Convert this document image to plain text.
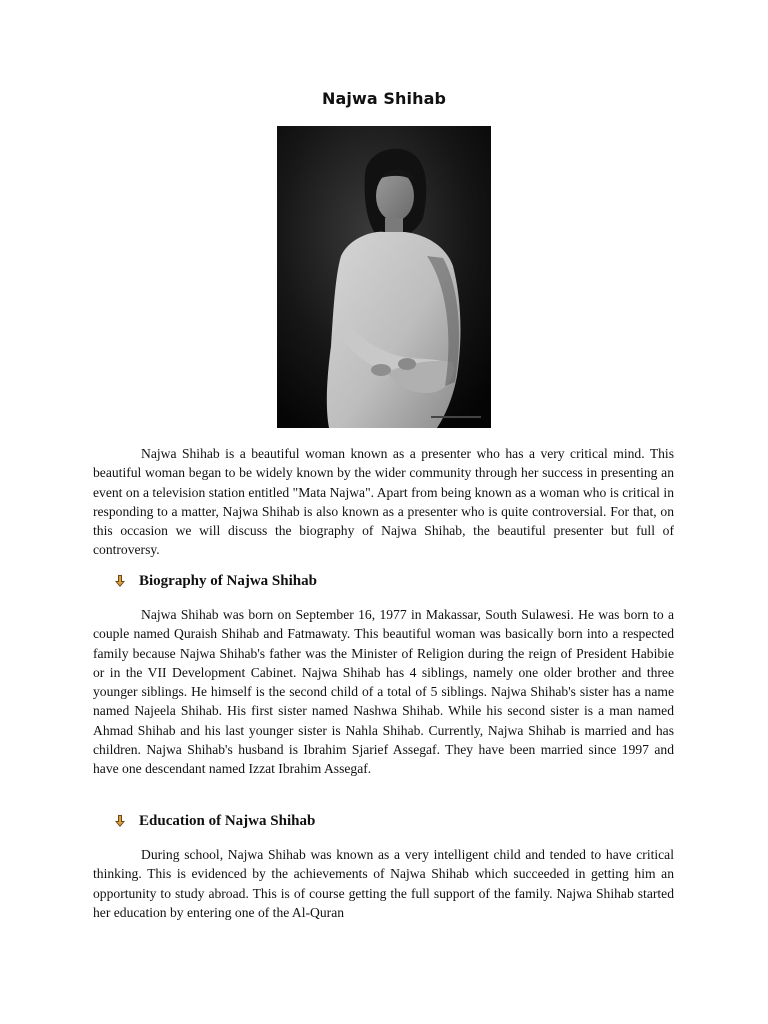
Najwa Shihab

Najwa Shihab is a beautiful woman known as a presenter who has a very critical mind. This beautiful woman began to be widely known by the wider community through her success in presenting an event on a television station entitled "Mata Najwa". Apart from being known as a woman who is critical in responding to a matter, Najwa Shihab is also known as a presenter who is quite controversial. For that, on this occasion we will discuss the biography of Najwa Shihab, the beautiful presenter but full of controversy.

Biography of Najwa Shihab

Najwa Shihab was born on September 16, 1977 in Makassar, South Sulawesi. He was born to a couple named Quraish Shihab and Fatmawaty. This beautiful woman was basically born into a respected family because Najwa Shihab's father was the Minister of Religion during the reign of President Habibie or in the VII Development Cabinet. Najwa Shihab has 4 siblings, namely one older brother and three younger siblings. He himself is the second child of a total of 5 siblings. Najwa Shihab's sister has a name named Najeela Shihab. His first sister named Nashwa Shihab. While his second sister is a man named Ahmad Shihab and his last younger sister is Nahla Shihab. Currently, Najwa Shihab is married and has children. Najwa Shihab's husband is Ibrahim Sjarief Assegaf. They have been married since 1997 and have one descendant named Izzat Ibrahim Assegaf.

Education of Najwa Shihab

During school, Najwa Shihab was known as a very intelligent child and tended to have critical thinking. This is evidenced by the achievements of Najwa Shihab which succeeded in getting him an opportunity to study abroad. This is of course getting the full support of the family. Najwa Shihab started her education by entering one of the Al-Quran
